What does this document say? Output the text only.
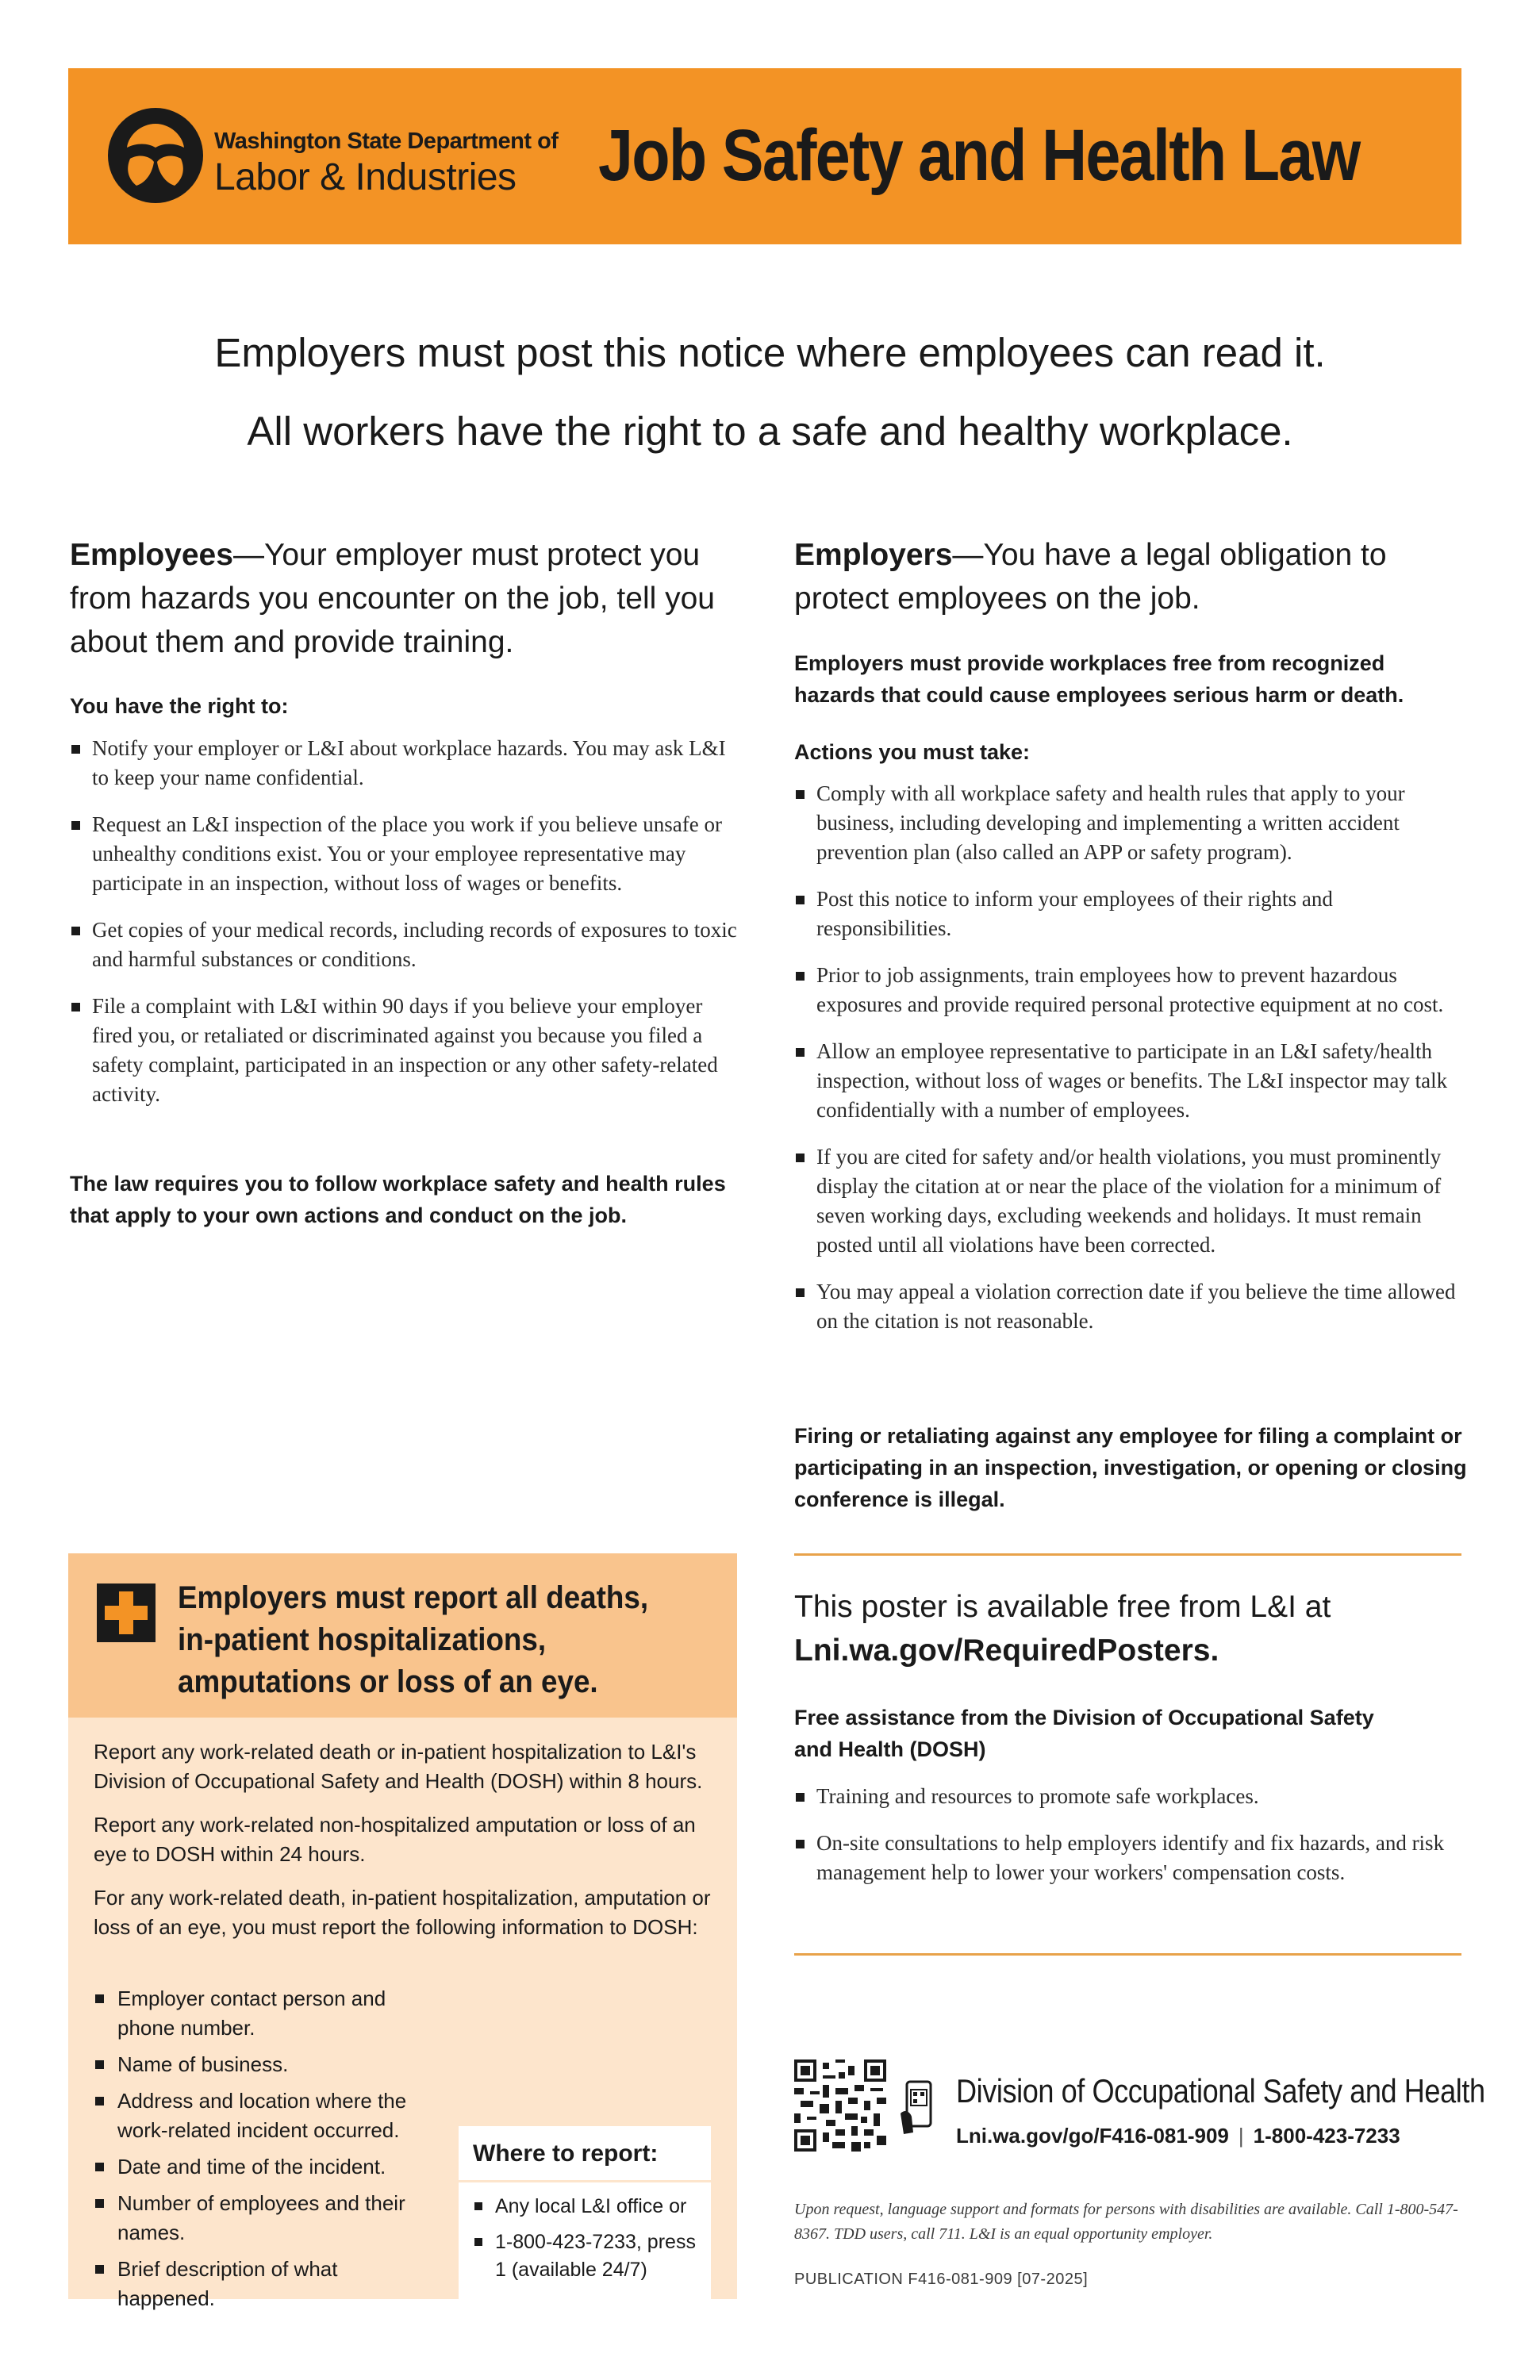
Washington State Department of
Labor & Industries Job Safety and Health Law
Employers must post this notice where employees can read it.
All workers have the right to a safe and healthy workplace.
Employees—Your employer must protect you from hazards you encounter on the job, tell you about them and provide training.
You have the right to:
Notify your employer or L&I about workplace hazards. You may ask L&I to keep your name confidential.
Request an L&I inspection of the place you work if you believe unsafe or unhealthy conditions exist. You or your employee representative may participate in an inspection, without loss of wages or benefits.
Get copies of your medical records, including records of exposures to toxic and harmful substances or conditions.
File a complaint with L&I within 90 days if you believe your employer fired you, or retaliated or discriminated against you because you filed a safety complaint, participated in an inspection or any other safety-related activity.
The law requires you to follow workplace safety and health rules that apply to your own actions and conduct on the job.
Employers—You have a legal obligation to protect employees on the job.
Employers must provide workplaces free from recognized hazards that could cause employees serious harm or death.
Actions you must take:
Comply with all workplace safety and health rules that apply to your business, including developing and implementing a written accident prevention plan (also called an APP or safety program).
Post this notice to inform your employees of their rights and responsibilities.
Prior to job assignments, train employees how to prevent hazardous exposures and provide required personal protective equipment at no cost.
Allow an employee representative to participate in an L&I safety/health inspection, without loss of wages or benefits. The L&I inspector may talk confidentially with a number of employees.
If you are cited for safety and/or health violations, you must prominently display the citation at or near the place of the violation for a minimum of seven working days, excluding weekends and holidays. It must remain posted until all violations have been corrected.
You may appeal a violation correction date if you believe the time allowed on the citation is not reasonable.
Firing or retaliating against any employee for filing a complaint or participating in an inspection, investigation, or opening or closing conference is illegal.
Employers must report all deaths, in-patient hospitalizations, amputations or loss of an eye.
Report any work-related death or in-patient hospitalization to L&I's Division of Occupational Safety and Health (DOSH) within 8 hours.
Report any work-related non-hospitalized amputation or loss of an eye to DOSH within 24 hours.
For any work-related death, in-patient hospitalization, amputation or loss of an eye, you must report the following information to DOSH:
Employer contact person and phone number.
Name of business.
Address and location where the work-related incident occurred.
Date and time of the incident.
Number of employees and their names.
Brief description of what happened.
Where to report:
Any local L&I office or
1-800-423-7233, press 1 (available 24/7)
This poster is available free from L&I at
Lni.wa.gov/RequiredPosters.
Free assistance from the Division of Occupational Safety and Health (DOSH)
Training and resources to promote safe workplaces.
On-site consultations to help employers identify and fix hazards, and risk management help to lower your workers' compensation costs.
Division of Occupational Safety and Health
Lni.wa.gov/go/F416-081-909 | 1-800-423-7233
Upon request, language support and formats for persons with disabilities are available. Call 1-800-547-8367. TDD users, call 711. L&I is an equal opportunity employer.
PUBLICATION F416-081-909 [07-2025]
